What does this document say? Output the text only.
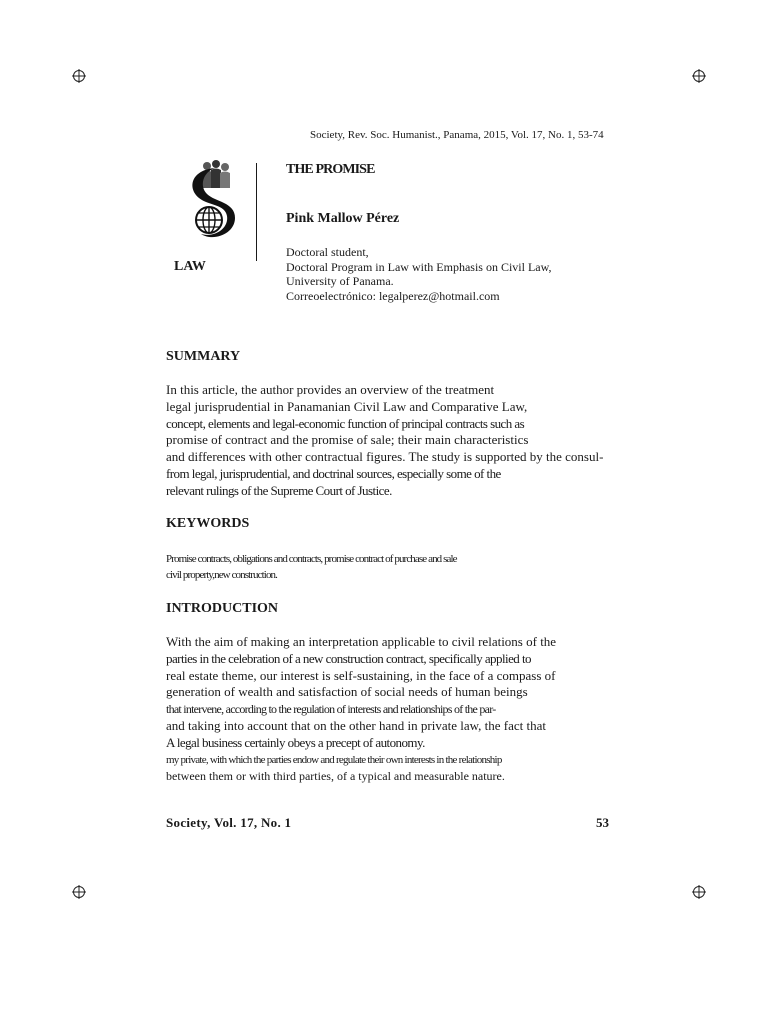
Society, Rev. Soc. Humanist., Panama, 2015, Vol. 17, No. 1, 53-74
LAW
THE PROMISE
Pink Mallow Pérez
Doctoral student,
Doctoral Program in Law with Emphasis on Civil Law,
University of Panama.
Correoelectrónico: legalperez@hotmail.com
SUMMARY
In this article, the author provides an overview of the treatment
legal jurisprudential in Panamanian Civil Law and Comparative Law,
concept, elements and legal-economic function of principal contracts such as
promise of contract and the promise of sale; their main characteristics
and differences with other contractual figures. The study is supported by the consul-
from legal, jurisprudential, and doctrinal sources, especially some of the
relevant rulings of the Supreme Court of Justice.
KEYWORDS
Promise contracts, obligations and contracts, promise contract of purchase and sale
civil property,new construction.
INTRODUCTION
With the aim of making an interpretation applicable to civil relations of the
parties in the celebration of a new construction contract, specifically applied to
real estate theme, our interest is self-sustaining, in the face of a compass of
generation of wealth and satisfaction of social needs of human beings
that intervene, according to the regulation of interests and relationships of the par-
and taking into account that on the other hand in private law, the fact that
A legal business certainly obeys a precept of autonomy.
my private, with which the parties endow and regulate their own interests in the relationship
between them or with third parties, of a typical and measurable nature.
Society, Vol. 17, No. 1	53
